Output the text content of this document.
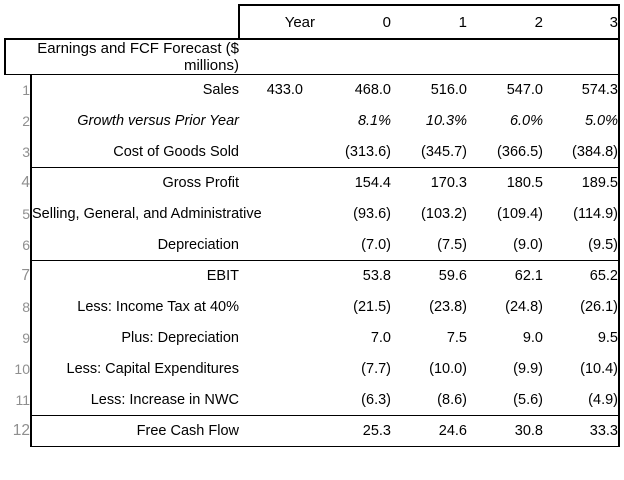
		Year	0	1	2	3
Earnings and FCF Forecast ($ millions)						
1	Sales	433.0	468.0	516.0	547.0	574.3
2	Growth versus Prior Year		8.1%	10.3%	6.0%	5.0%
3	Cost of Goods Sold		(313.6)	(345.7)	(366.5)	(384.8)
4	Gross Profit		154.4	170.3	180.5	189.5
5	Selling, General, and Administrative		(93.6)	(103.2)	(109.4)	(114.9)
6	Depreciation		(7.0)	(7.5)	(9.0)	(9.5)
7	EBIT		53.8	59.6	62.1	65.2
8	Less: Income Tax at 40%		(21.5)	(23.8)	(24.8)	(26.1)
9	Plus: Depreciation		7.0	7.5	9.0	9.5
10	Less: Capital Expenditures		(7.7)	(10.0)	(9.9)	(10.4)
11	Less: Increase in NWC		(6.3)	(8.6)	(5.6)	(4.9)
12	Free Cash Flow		25.3	24.6	30.8	33.3
